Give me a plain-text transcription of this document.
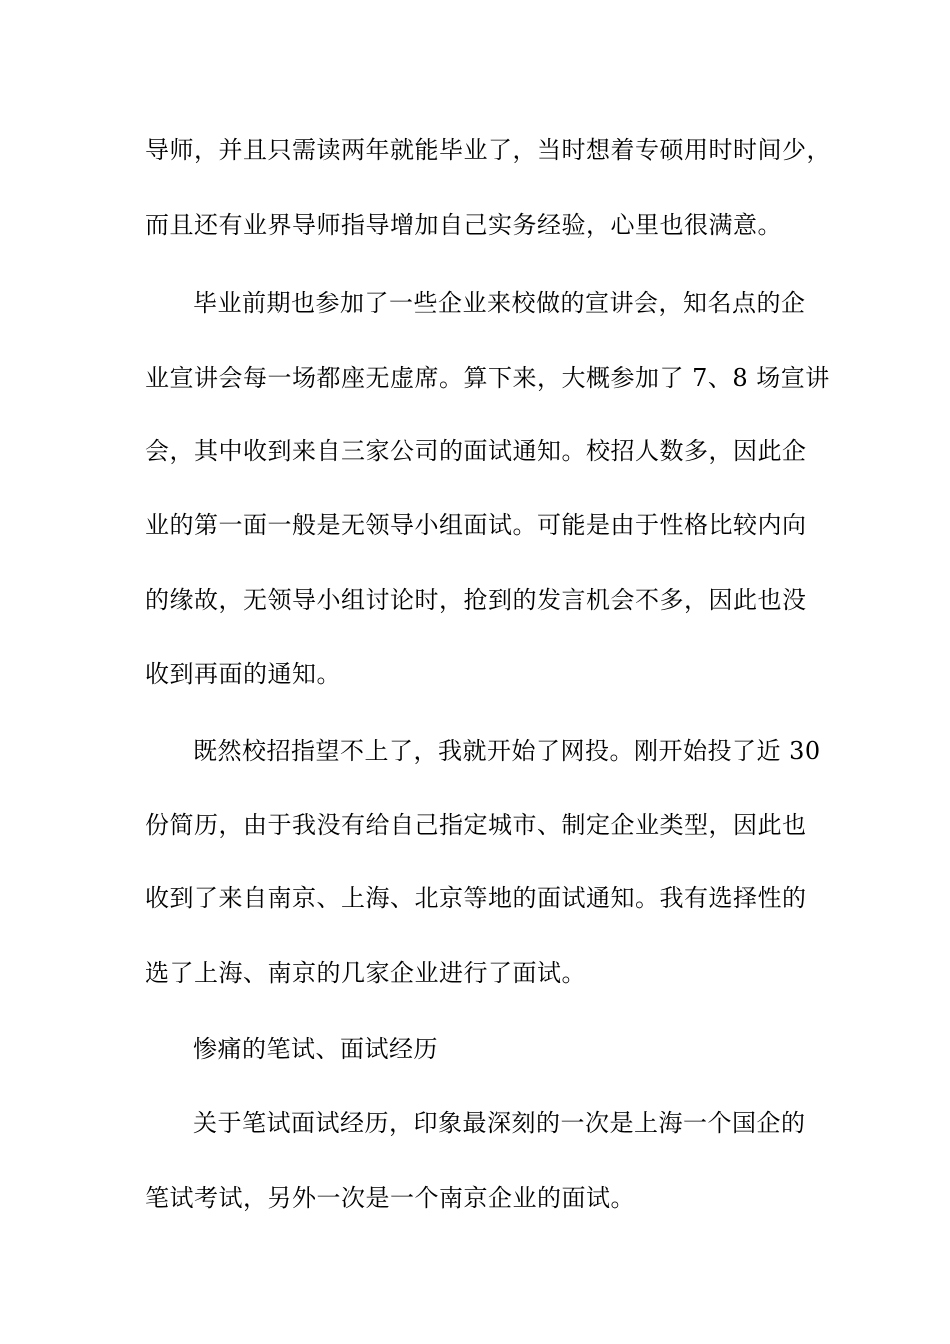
导师，并且只需读两年就能毕业了，当时想着专硕用时时间少，
而且还有业界导师指导增加自己实务经验，心里也很满意。
毕业前期也参加了一些企业来校做的宣讲会，知名点的企
业宣讲会每一场都座无虚席。算下来，大概参加了 7、8 场宣讲
会，其中收到来自三家公司的面试通知。校招人数多，因此企
业的第一面一般是无领导小组面试。可能是由于性格比较内向
的缘故，无领导小组讨论时，抢到的发言机会不多，因此也没
收到再面的通知。
既然校招指望不上了，我就开始了网投。刚开始投了近 30
份简历，由于我没有给自己指定城市、制定企业类型，因此也
收到了来自南京、上海、北京等地的面试通知。我有选择性的
选了上海、南京的几家企业进行了面试。
惨痛的笔试、面试经历
关于笔试面试经历，印象最深刻的一次是上海一个国企的
笔试考试，另外一次是一个南京企业的面试。
